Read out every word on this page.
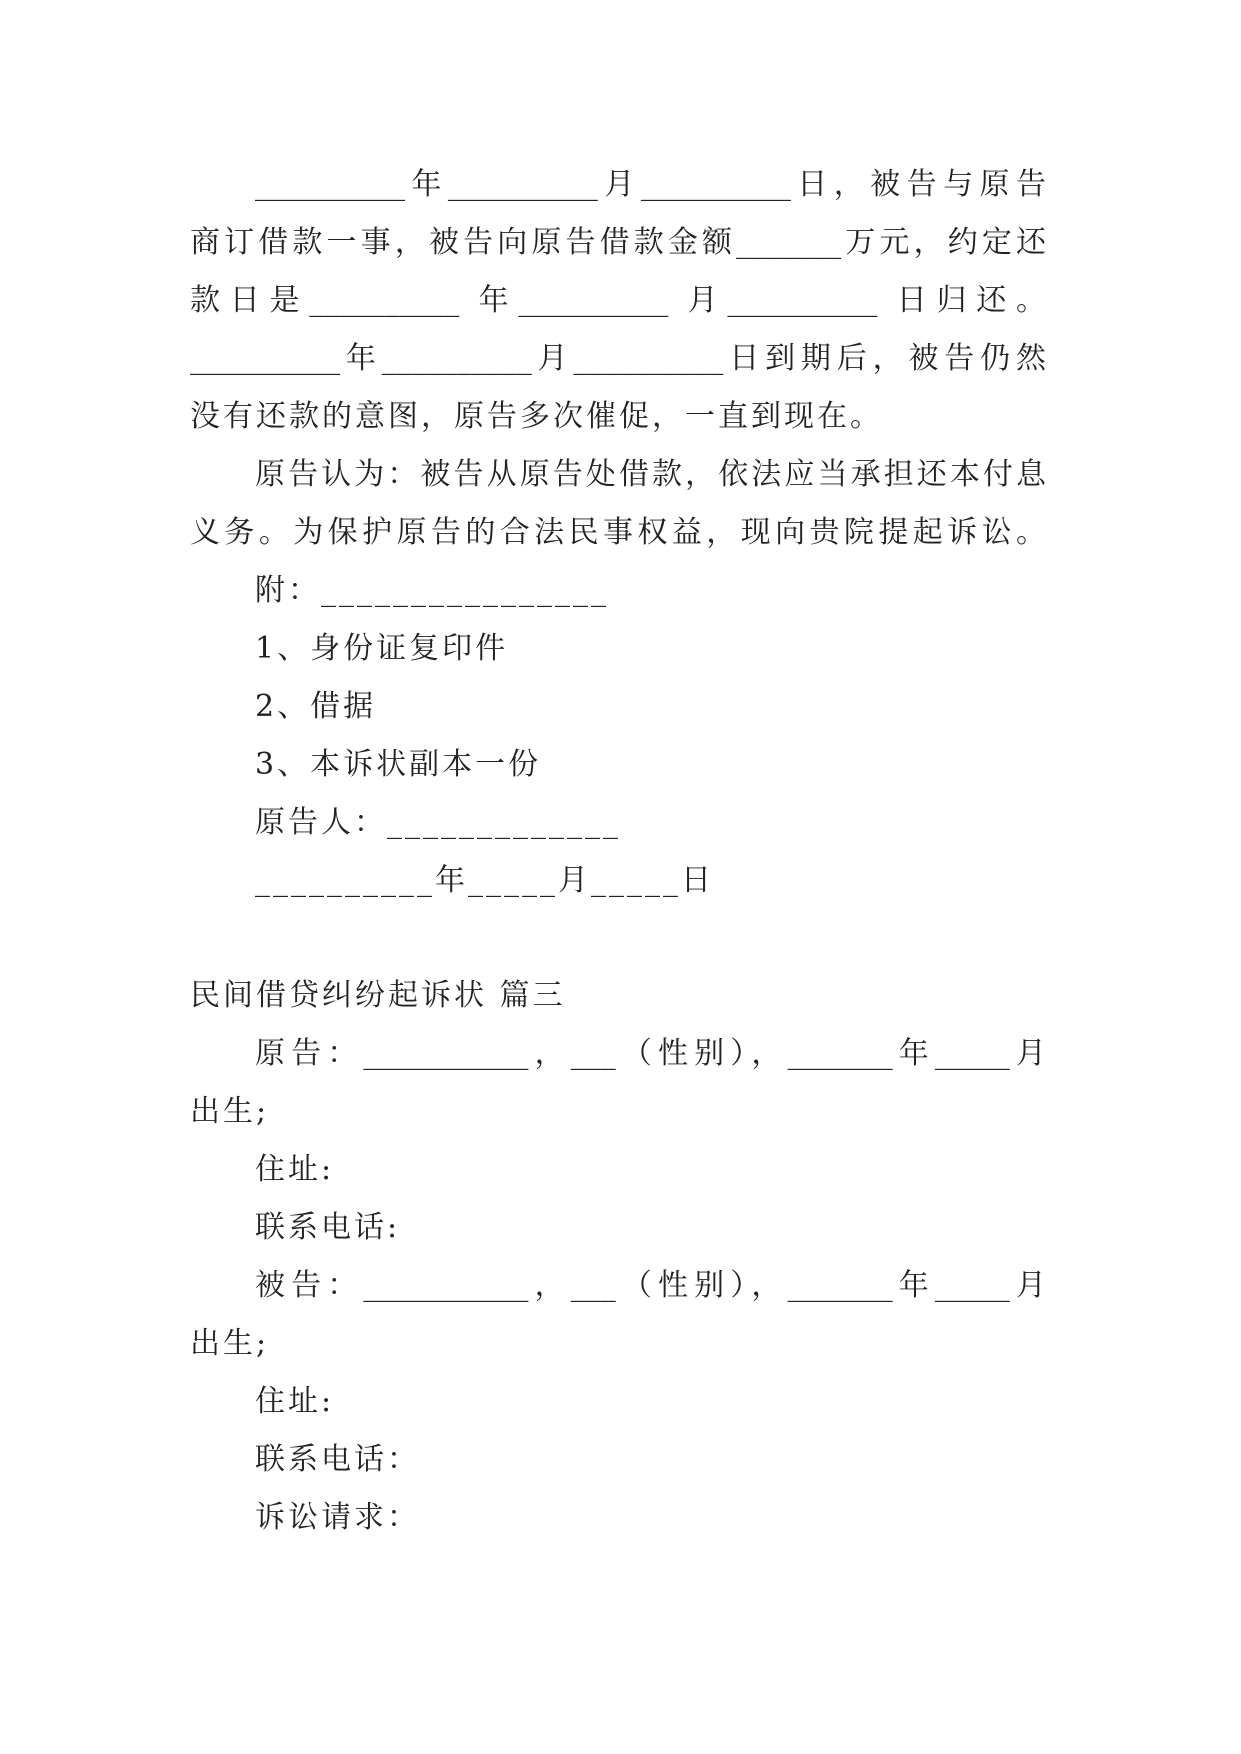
__________年__________月__________日，被告与原告
商订借款一事，被告向原告借款金额_______万元，约定还
款日是__________ 年__________ 月__________ 日归还。
__________年__________月__________日到期后，被告仍然
没有还款的意图，原告多次催促，一直到现在。
原告认为：被告从原告处借款，依法应当承担还本付息
义务。为保护原告的合法民事权益，现向贵院提起诉讼。
附：________________
1、身份证复印件
2、借据
3、本诉状副本一份
原告人：_____________
__________年_____月_____日
民间借贷纠纷起诉状 篇三
原告：___________，___（性别），_______年_____月
出生;
住址:
联系电话:
被告：___________，___（性别），_______年_____月
出生;
住址:
联系电话：
诉讼请求：
